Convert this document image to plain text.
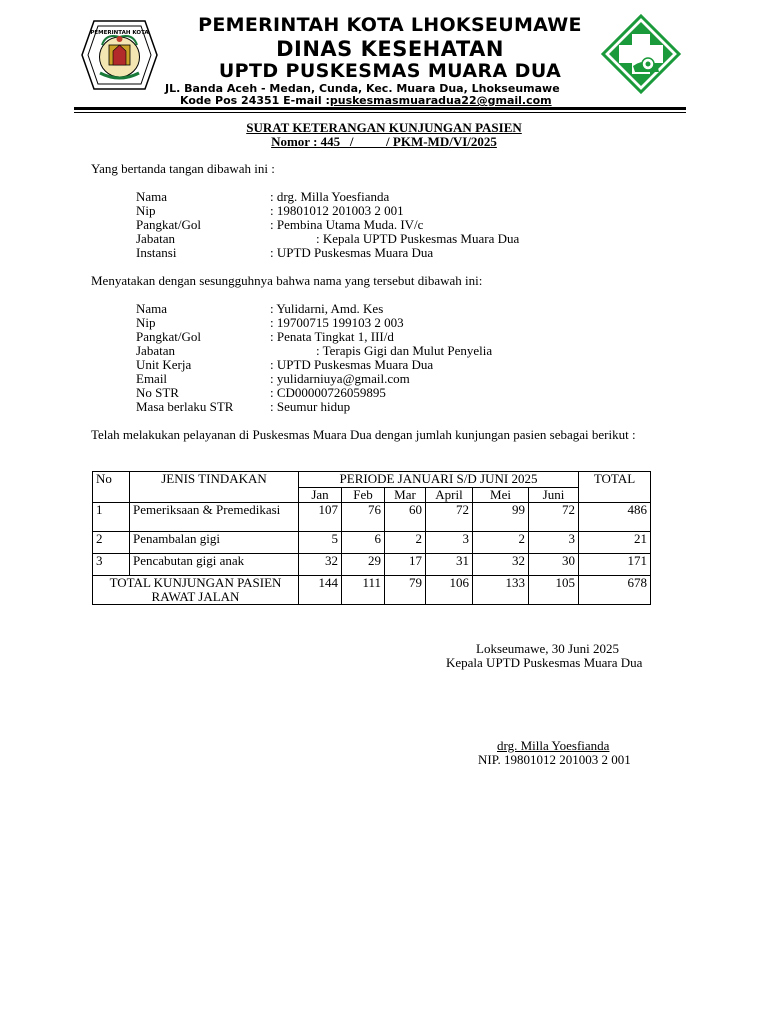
PEMERINTAH KOTA	PEMERINTAH KOTA LHOKSEUMAWE
DINAS KESEHATAN
UPTD PUSKESMAS MUARA DUA
JL. Banda Aceh - Medan, Cunda, Kec. Muara Dua, Lhokseumawe
Kode Pos 24351 E-mail :puskesmasmuaradua22@gmail.com
SURAT KETERANGAN KUNJUNGAN PASIEN
Nomor : 445   /          / PKM-MD/VI/2025
Yang bertanda tangan dibawah ini :
Nama	: drg. Milla Yoesfianda
Nip	: 19801012 201003 2 001
Pangkat/Gol	: Pembina Utama Muda. IV/c
Jabatan	: Kepala UPTD Puskesmas Muara Dua
Instansi	: UPTD Puskesmas Muara Dua
Menyatakan dengan sesungguhnya bahwa nama yang tersebut dibawah ini:
Nama	: Yulidarni, Amd. Kes
Nip	: 19700715 199103 2 003
Pangkat/Gol	: Penata Tingkat 1, III/d
Jabatan	: Terapis Gigi dan Mulut Penyelia
Unit Kerja	: UPTD Puskesmas Muara Dua
Email	: yulidarniuya@gmail.com
No STR	: CD00000726059895
Masa berlaku STR	: Seumur hidup
Telah melakukan pelayanan di Puskesmas Muara Dua dengan jumlah kunjungan pasien sebagai berikut :
No	JENIS TINDAKAN	PERIODE JANUARI S/D JUNI 2025						TOTAL
		Jan	Feb	Mar	April	Mei	Juni	
1	Pemeriksaan & Premedikasi	107	76	60	72	99	72	486
2	Penambalan gigi	5	6	2	3	2	3	21
3	Pencabutan gigi anak	32	29	17	31	32	30	171
TOTAL KUNJUNGAN PASIEN RAWAT JALAN		144	111	79	106	133	105	678
Lokseumawe, 30 Juni 2025
Kepala UPTD Puskesmas Muara Dua
drg. Milla Yoesfianda
NIP. 19801012 201003 2 001
